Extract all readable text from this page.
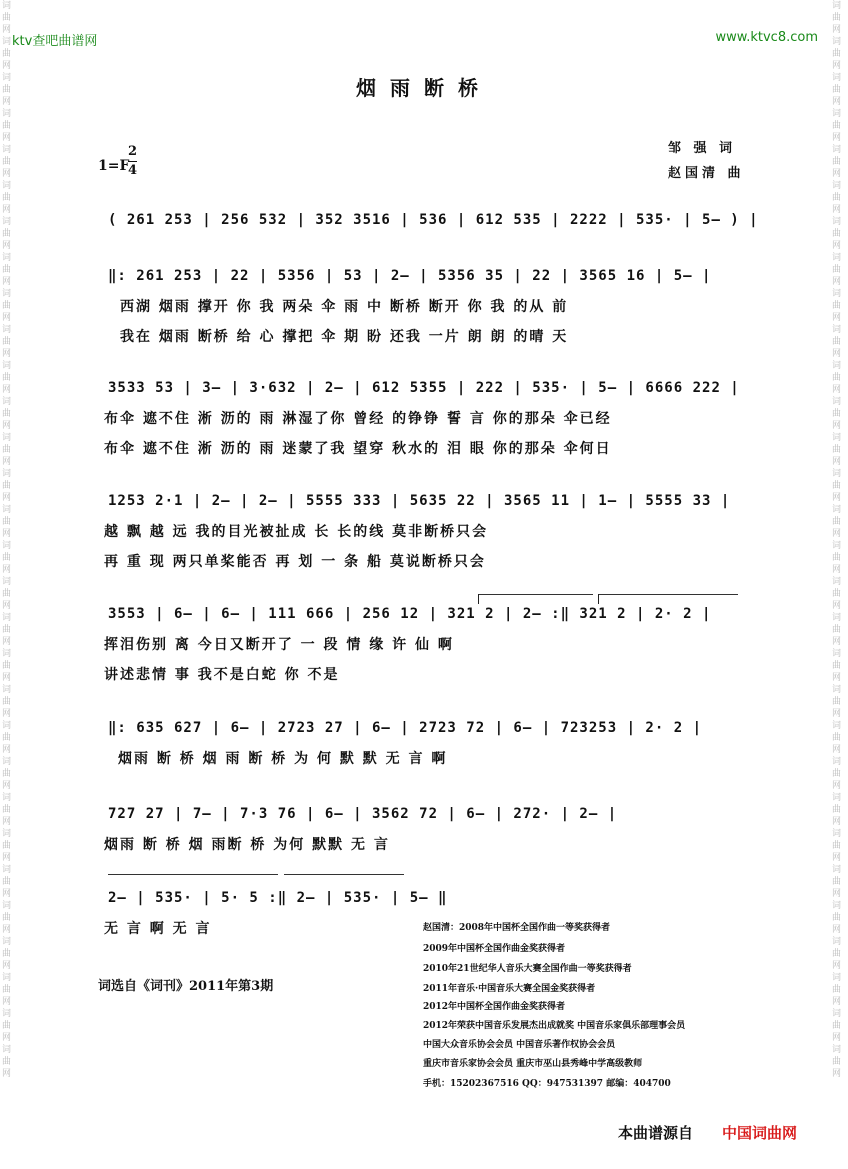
ktv查吧曲谱网	www.ktvc8.com
词曲网词曲网词曲网词曲网词曲网词曲网词曲网词曲网词曲网词曲网词曲网词曲网词曲网词曲网词曲网词曲网词曲网词曲网词曲网词曲网词曲网词曲网词曲网词曲网词曲网词曲网词曲网词曲网词曲网词曲网
词曲网词曲网词曲网词曲网词曲网词曲网词曲网词曲网词曲网词曲网词曲网词曲网词曲网词曲网词曲网词曲网词曲网词曲网词曲网词曲网词曲网词曲网词曲网词曲网词曲网词曲网词曲网词曲网词曲网词曲网
烟雨断桥
邹 强 词
赵国清 曲
1=F
2
4
( 261 253 | 256 532 | 352 3516 | 536 | 612 535 | 2222 | 535· | 5— ) |
‖: 261 253 | 22 | 5356 | 53 | 2— | 5356 35 | 22 | 3565 16 | 5— |
西湖 烟雨 撑开 你 我 两朵 伞 雨 中 断桥 断开 你 我 的从 前
我在 烟雨 断桥 给 心 撑把 伞 期 盼 还我 一片 朗 朗 的晴 天
3533 53 | 3— | 3·632 | 2— | 612 5355 | 222 | 535· | 5— | 6666 222 |
布伞 遮不住 淅 沥的 雨 淋湿了你 曾经 的铮铮 誓 言 你的那朵 伞已经
布伞 遮不住 淅 沥的 雨 迷蒙了我 望穿 秋水的 泪 眼 你的那朵 伞何日
1253 2·1 | 2— | 2— | 5555 333 | 5635 22 | 3565 11 | 1— | 5555 33 |
越 飘 越 远 我的目光被扯成 长 长的线 莫非断桥只会
再 重 现 两只单桨能否 再 划 一 条 船 莫说断桥只会
3553 | 6— | 6— | 111 666 | 256 12 | 321 2 | 2— :‖ 321 2 | 2· 2 |
挥泪伤别 离 今日又断开了 一 段 情 缘 许 仙 啊
讲述悲情 事 我不是白蛇 你 不是
‖: 635 627 | 6— | 2723 27 | 6— | 2723 72 | 6— | 723253 | 2· 2 |
烟雨 断 桥 烟 雨 断 桥 为 何 默 默 无 言 啊
727 27 | 7— | 7·3 76 | 6— | 3562 72 | 6— | 272· | 2— |
烟雨 断 桥 烟 雨断 桥 为何 默默 无 言
2— | 535· | 5· 5 :‖ 2— | 535· | 5— ‖
无 言 啊 无 言
词选自《词刊》2011年第3期
赵国清：2008年中国杯全国作曲一等奖获得者
2009年中国杯全国作曲金奖获得者
2010年21世纪华人音乐大赛全国作曲一等奖获得者
2011年音乐·中国音乐大赛全国金奖获得者
2012年中国杯全国作曲金奖获得者
2012年荣获中国音乐发展杰出成就奖 中国音乐家俱乐部理事会员
中国大众音乐协会会员 中国音乐著作权协会会员
重庆市音乐家协会会员 重庆市巫山县秀峰中学高级教师
手机：15202367516 QQ：947531397 邮编：404700
本曲谱源自 中国词曲网
